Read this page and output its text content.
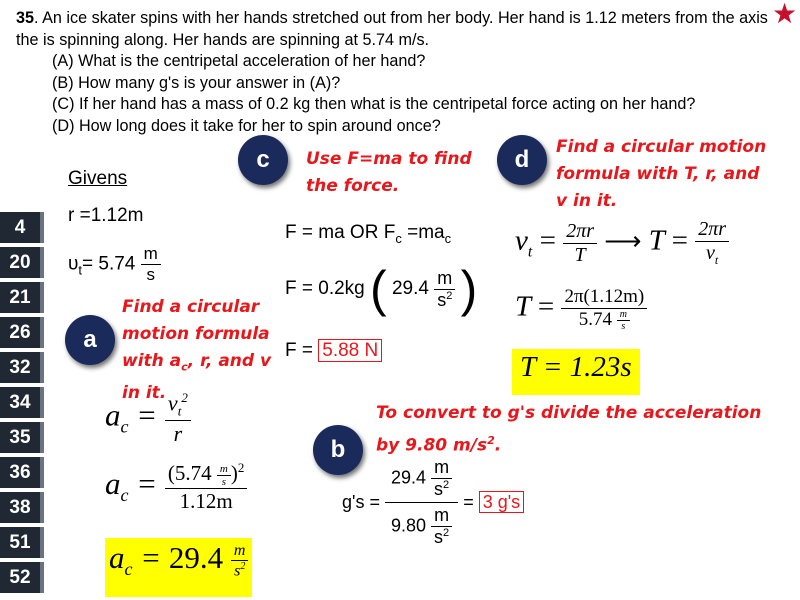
35. An ice skater spins with her hands stretched out from her body. Her hand is 1.12 meters from the axis the is spinning along. Her hands are spinning at 5.74 m/s.
(A) What is the centripetal acceleration of her hand?
(B) How many g's is your answer in (A)?
(C) If her hand has a mass of 0.2 kg then what is the centripetal force acting on her hand?
(D) How long does it take for her to spin around once?
★
4
20
21
26
32
34
35
36
38
51
52
Givens
r =1.12m
$\upsilon_t= 5.74 \frac{m}{s}$
a
b
c	d
Find a circular motion formula with $a_c$, r, and v in it.
To convert to g's divide the acceleration by 9.80 $m/s^2$.
Use F=ma to find the force.
Find a circular motion formula with T, r, and v in it.
$a_c = \frac{v_t^2}{r}$
$a_c = \frac{(5.74 \frac{m}{s} )^2}{1.12m}$
$a_c = 29.4 \frac{m}{s^2}$
$g's = \frac{29.4 \frac{m}{s^2}}{9.80 \frac{m}{s^2}} = 3$ g's
F = ma OR $F_c =ma_c$
F = 0.2kg ( $29.4 \frac{m}{s^2}$ )
F = 5.88 N
$v_t = \frac{2\pi r}{T}$ ⟶ $T = \frac{2\pi r}{v_t}$
$T = \frac{2\pi(1.12m)}{5.74 \frac{m}{s}}$
T = 1.23s
